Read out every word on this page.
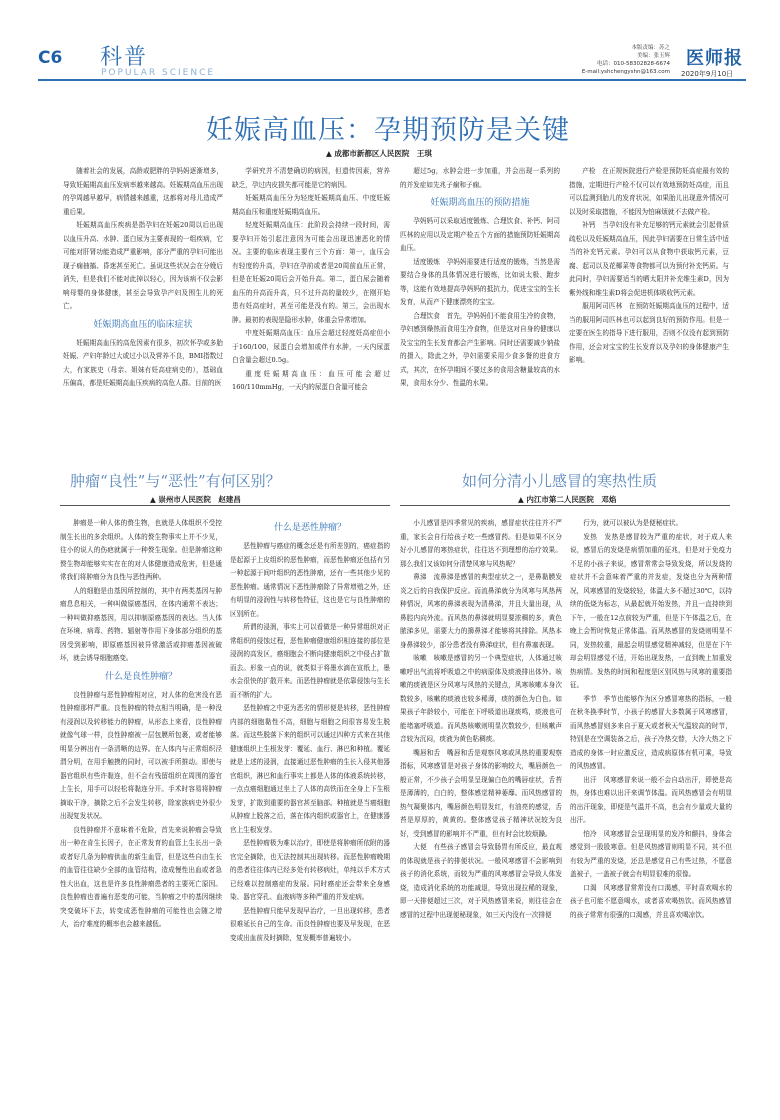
C6 科普
POPULAR SCIENCE
本版责编：苏之
美编：张玉辉
电话：010-58302828-6674
E-mail:yshchengyshn@163.com
医师报
2020年9月10日
妊娠高血压：孕期预防是关键
▲ 成都市新都区人民医院　王琪

随着社会的发展，高龄或肥胖的孕妈妈逐渐增多，导致妊娠期高血压发病率越来越高。妊娠期高血压出现的孕周越早越早，病情越来越重，这都将对母儿造成严重后果。

妊娠期高血压疾病是指孕妇在妊娠20周以后出现以血压升高、水肿、蛋白尿为主要表现的一组疾病，它可能对肝肾功能造成严重影响，部分严重的孕妇可能出现子痫抽搐、昏迷甚至死亡。虽说这些状况会在分娩后消失，但是我们不能对此掉以轻心，因为该病不仅会影响母婴的身体健康，甚至会导致孕产妇及围生儿的死亡。

妊娠期高血压的临床症状

妊娠期高血压的高危因素有很多，初次怀孕或多胎妊娠、产妇年龄过大或过小以及营养不良，BMI指数过大，有家族史（母亲、姐妹有妊高症病史的），基础血压偏高，都是妊娠期高血压疾病的高危人群。目前的医

学研究并不清楚确切的病因，但遗传因素，营养缺乏，孕过内皮损失都可能是它的病因。

妊娠期高血压分为轻度妊娠期高血压、中度妊娠期高血压和重度妊娠期高血压。

轻度妊娠期高血压：此阶段会持续一段时间，需要孕妇开始引起注意因为可能会出现迅速恶化的情况。主要的临床表现主要有三个方面：第一，血压会有轻度的升高，孕妇在孕前或者是20周前血压正常，但是在妊娠20周后会开始升高。第二，蛋白尿会随着血压的升高而升高，只不过升高的量较少，在刚开始患有妊高症时，甚至可能是没有的。第三，会出现水肿。最初的表现是隐形水肿，体重会异常增加。

中度妊娠期高血压：血压会超过轻度妊高症但小于160/100，尿蛋白会增加或伴有水肿，一天内尿蛋白含量会超过0.5g。

重度妊娠期高血压：血压可能会超过160/110mmHg，一天内的尿蛋白含量可能会

超过5g，水肿会进一步加重，并会出现一系列的的并发症如先兆子痫和子痫。

妊娠期高血压的预防措施

孕妈妈可以采取适度锻炼、合理饮食、补钙、阿司匹林的应用以及定期产检五个方面的措施预防妊娠期高血压。

适度锻炼　孕妈妈需要进行适度的锻炼，当然是需要结合身体的具体情况进行锻炼，比如说太极、跑步等，这能有效地提高孕妈妈的抵抗力，促进宝宝的生长发育，从而产下健康漂亮的宝宝。

合理饮食　首先，孕妈妈们不能食用生冷的食物，孕妇感到燥热而食用生冷食物，但是这对自身的健康以及宝宝的生长发育都会产生影响。同时还需要减少钠盐的摄入，除此之外，孕妇需要采用少食多餐的进食方式，其次，在怀孕期间不要过多的食用含糖量较高的水果，食用水分少、性温的水果。

产检　在正规医院进行产检是预防妊高症最有效的措施，定期进行产检不仅可以有效地预防妊高症，而且可以监测到胎儿的发育状况，如果胎儿出现意外情况可以及时采取措施，不能因为怕麻烦就不去做产检。

补钙　当孕妇没有补充足够的钙元素就会引起骨质疏松以及妊娠期高血压，因此孕妇需要在日常生活中适当的补充钙元素。孕妇可以从食物中获取钙元素，豆腐、起司以及花椰菜等食物都可以为预付补充钙质。与此同时，孕妇需要适当的晒太阳并补充维生素D，因为紫外线和维生素D将会促进机体吸收钙元素。

服用阿司匹林　在预防妊娠期高血压的过程中，适当的服用阿司匹林也可以起到良好的预防作用。但是一定要在医生的指导下进行服用，否则不仅没有起到预防作用，还会对宝宝的生长发育以及孕妇的身体健康产生影响。

肿瘤“良性”与“恶性”有何区别？
▲ 崇州市人民医院　赵建昌

肿瘤是一种人体的赘生物，也就是人体组织不受控制生长出的多余组织。人体的赘生物事实上并不少见，往小的说人的伤疤就属于一种赘生现象。但是肿瘤这种赘生物却能够实实在在的对人体健康造成危害，但是通常我们将肿瘤分为良性与恶性两种。

人的细胞是由基因所控制的，其中有两类基因与肿瘤息息相关，一种叫做原癌基因，在体内通常不表达；一种叫做抑癌基因，用以抑制原癌基因的表达。当人体在环境、病毒、药物、辐射等作用下身体部分组织的基因受到影响，即原癌基因被异常激活或抑癌基因被破坏，就会诱导细胞癌变。

什么是良性肿瘤？

良性肿瘤与恶性肿瘤相对应，对人体的危害没有恶性肿瘤那样严重。良性肿瘤的特点相当明确，是一种没有浸润以及转移能力的肿瘤，从形态上来看，良性肿瘤就像气球一样，良性肿瘤被一层包膜所包裹，或者能够明显分辨出有一条清晰的边界。在人体内与正常组织泾渭分明，在用手触摸的同时，可以被手所推动。即使与器官组织有些许黏连，但不会有残留组织在周围的器官上生长，用手可以轻松将黏连分开。手术时容易将肿瘤摘取干净，摘除之后不会发生转移，除家族病史外很少出现复发状况。

良性肿瘤并不意味着不危险，首先来说肿瘤会导致出一种在肯生长因子，在正常发育的血管上生长出一条或者好几条为肿瘤供血的新生血管，但是这些自由生长的血管往往缺少全部的血管结构，造成慢性出血或者急性大出血，这也是许多良性肿瘤患者的主要死亡原因。良性肿瘤也普遍有恶变的可能，当肿瘤之中的基因继续突变破坏下去，转变成恶性肿瘤的可能性也会随之增大，治疗难度的概率也会越来越低。

什么是恶性肿瘤？

恶性肿瘤与癌症的概念还是有所差别的，癌症指的是起源于上皮组织的恶性肿瘤，而恶性肿瘤还包括有另一种起源于间叶组织的恶性肿瘤，还有一些其他少见的恶性肿瘤。通常情况下恶性肿瘤除了异常增殖之外，还有明显的浸润性与转移性特征，这也是它与良性肿瘤的区别所在。

所谓的浸润，事实上可以看做是一种异常组织对正常组织的侵蚀过程，恶性肿瘤健康组织相连接的部位是浸润的高发区，癌细胞会不断向健康组织之中侵占扩散而去。形象一点的说，就类似于将墨水滴在宣纸上，墨水会很快的扩散开来。而恶性肿瘤就是依靠侵蚀与生长而不断的扩大。

恶性肿瘤之中更为恶劣的情形便是转移，恶性肿瘤内部的细胞黏性不高，细胞与细胞之间很容易发生脱落。而这些脱落下来的组织可以通过四种方式来在其他健康组织上生根发芽：覆延、血行、淋巴和种植。覆延就是上述的浸润，直接通过恶性肿瘤的生长入侵其他器官组织，淋巴和血行事实上都是人体的体液系统转移，一点点癌细胞通过坐上了人体的高铁而在全身上下生根发芽，扩散到重要的器官甚至脑部。种植就是当癌细胞从肿瘤上脱落之后，落在体内组织或器官上，在健康器官上生根发芽。

恶性肿瘤极为难以治疗，即使是将肿瘤所依附的器官完全摘除，也无法控制其出现转移。而恶性肿瘤晚期的患者往往体内已经多处有转移病灶，单纯以手术方式已经难以控制癌症的发展。同时癌症还会带来全身感染、器官穿孔、血液病等多种严重的并发症病。

恶性肿瘤只能早发现早治疗，一旦出现转移，患者很难延长自己的生命。而良性肿瘤也要及早发现，在恶变或出血前及时摘除，复发概率普遍较小。

如何分清小儿感冒的寒热性质
▲ 内江市第二人民医院　邓焰

小儿感冒是四季常见的疾病，感冒症状往往并不严重，家长会自行给孩子吃一些感冒药。但是如果不区分好小儿感冒的寒热症状，往往达不到理想的治疗效果。那么我们又该如何分清楚风寒与风热呢？

鼻涕　流鼻涕是感冒的典型症状之一，是鼻黏膜发炎之后的自我保护反应。而流鼻涕就分为风寒与风热两种情况，风寒的鼻涕表现为清鼻涕，并且大量出现，从鼻腔内向外流。而风热的鼻涕就明显要浓稠的多，黄色脓涕多见，需要大力的擤鼻涕才能够将其排除。风热本身鼻涕较少，部分患者没有鼻涕症状，但有鼻塞表现。

咳嗽　咳嗽是感冒的另一个典型症状，人体通过咳嗽呼出气流将呼吸道之中的病原体及痰液排出体外。咳嗽的痰液是区分风寒与风热的关键点，风寒咳嗽本身次数较多，咳嗽的痰液也较多稀薄，痰的颜色为白色。如果孩子年龄较小，可能在下呼吸道出现痰鸣，痰液也可能堵塞呼吸道。而风热咳嗽则明显次数较少，但咳嗽声音较为沉闷，痰液为黄色粘稠痰。

嘴唇和舌　嘴唇和舌是观察风寒或风热的重要观察指标，风寒感冒是对孩子身体的影响较大，嘴唇颜色一般正常，不少孩子会明显呈现偏白色的嘴唇症状，舌苔是薄薄的，白白的，整体感觉精神萎靡。而风热感冒的热气凝聚体内，嘴唇颜色明显发红，有油亮的感觉，舌苔是厚厚的，黄黄的。整体感觉孩子精神状况较为良好，受到感冒的影响并不严重，但有时会比较烦躁。

大便　有些孩子感冒会导致肠胃有所反应，最直观的体现就是孩子的排便状况。一般风寒感冒不会影响到孩子的消化系统，而较为严重的风寒感冒会导致人体发烧，造成消化系统的功能减退，导致出现拉稀的现象，即一天排便超过三次，对于风热感冒来说，则往往会在感冒的过程中出现便秘现象，如三天内没有一次排便

行为，就可以被认为是便秘症状。

发热　发热是感冒较为严重的症状，对于成人来说，感冒后的发烧是病情加重的征兆，但是对于免疫力不足的小孩子来说，感冒常常会导致发烧，所以发烧的症状并不会意味着严重的并发症，发烧也分为两种情况，风寒感冒的发烧较轻，体温大多不超过30℃，以持续的低烧为标志，从最起就开始发热，并且一直持续到下午，一般在12点前较为严重，但是下午体温之后，在晚上会暂时恢复正常体温。而风热感冒的发烧则明显不同，发热较重，最起会明显感觉精神减轻，但是在下午却会明显感觉不适，开始出现发热，一直到晚上加重发热病情。发热的时间和程度是区别风热与风寒的重要指征。

季节　季节也能够作为区分感冒寒热的指标，一般在秋冬换季时节，小孩子的感冒大多数属于风寒感冒，而风热感冒则多来自于夏天或者秋天气温较高的时节，特别是在空调装备之后，孩子冷热交替，大冷大热之下造成的身体一时应激反应，造成病原体有机可乘，导致的风热感冒。

出汗　风寒感冒来说一般不会自动出汗，即使是高热，身体也难以出汗来调节体温。而风热感冒会有明显的出汗现象，即便是气温并不高，也会有少量或大量的出汗。

怕冷　风寒感冒会呈现明显的发冷和颤抖，身体会感觉到一股股寒意。但是风热感冒则明显不同，其不但有较为严重的发烧，还总是感觉自己有些过热，不愿意盖被子，一盖被子就会有明显很难的很像。

口渴　风寒感冒常常没有口渴感，平时喜欢喝水的孩子也可能不愿意喝水，或者喜欢喝热饮。而风热感冒的孩子常常有很强的口渴感，并且喜欢喝凉饮。
